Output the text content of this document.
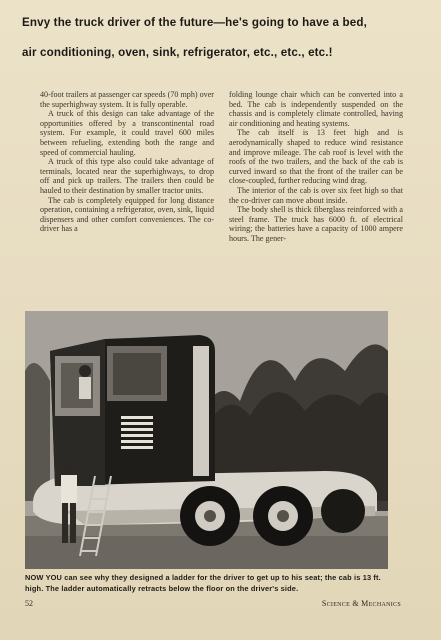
Envy the truck driver of the future—he's going to have a bed,
air conditioning, oven, sink, refrigerator, etc., etc., etc.!

40-foot trailers at passenger car speeds (70 mph) over the superhighway system. It is fully operable.

A truck of this design can take advantage of the opportunities offered by a transcontinental road system. For example, it could travel 600 miles between refueling, extending both the range and speed of commercial hauling.

A truck of this type also could take advantage of terminals, located near the superhighways, to drop off and pick up trailers. The trailers then could be hauled to their destination by smaller tractor units.

The cab is completely equipped for long distance operation, containing a refrigerator, oven, sink, liquid dispensers and other comfort conveniences. The co-driver has a

folding lounge chair which can be converted into a bed. The cab is independently suspended on the chassis and is completely climate controlled, having air conditioning and heating systems.

The cab itself is 13 feet high and is aerodynamically shaped to reduce wind resistance and improve mileage. The cab roof is level with the roofs of the two trailers, and the back of the cab is curved inward so that the front of the trailer can be close-coupled, further reducing wind drag.

The interior of the cab is over six feet high so that the co-driver can move about inside.

The body shell is thick fiberglass reinforced with a steel frame. The truck has 6000 ft. of electrical wiring; the batteries have a capacity of 1000 ampere hours. The gener-

NOW YOU can see why they designed a ladder for the driver to get up to his seat; the cab is 13 ft. high. The ladder automatically retracts below the floor on the driver's side.
52	Science & Mechanics
